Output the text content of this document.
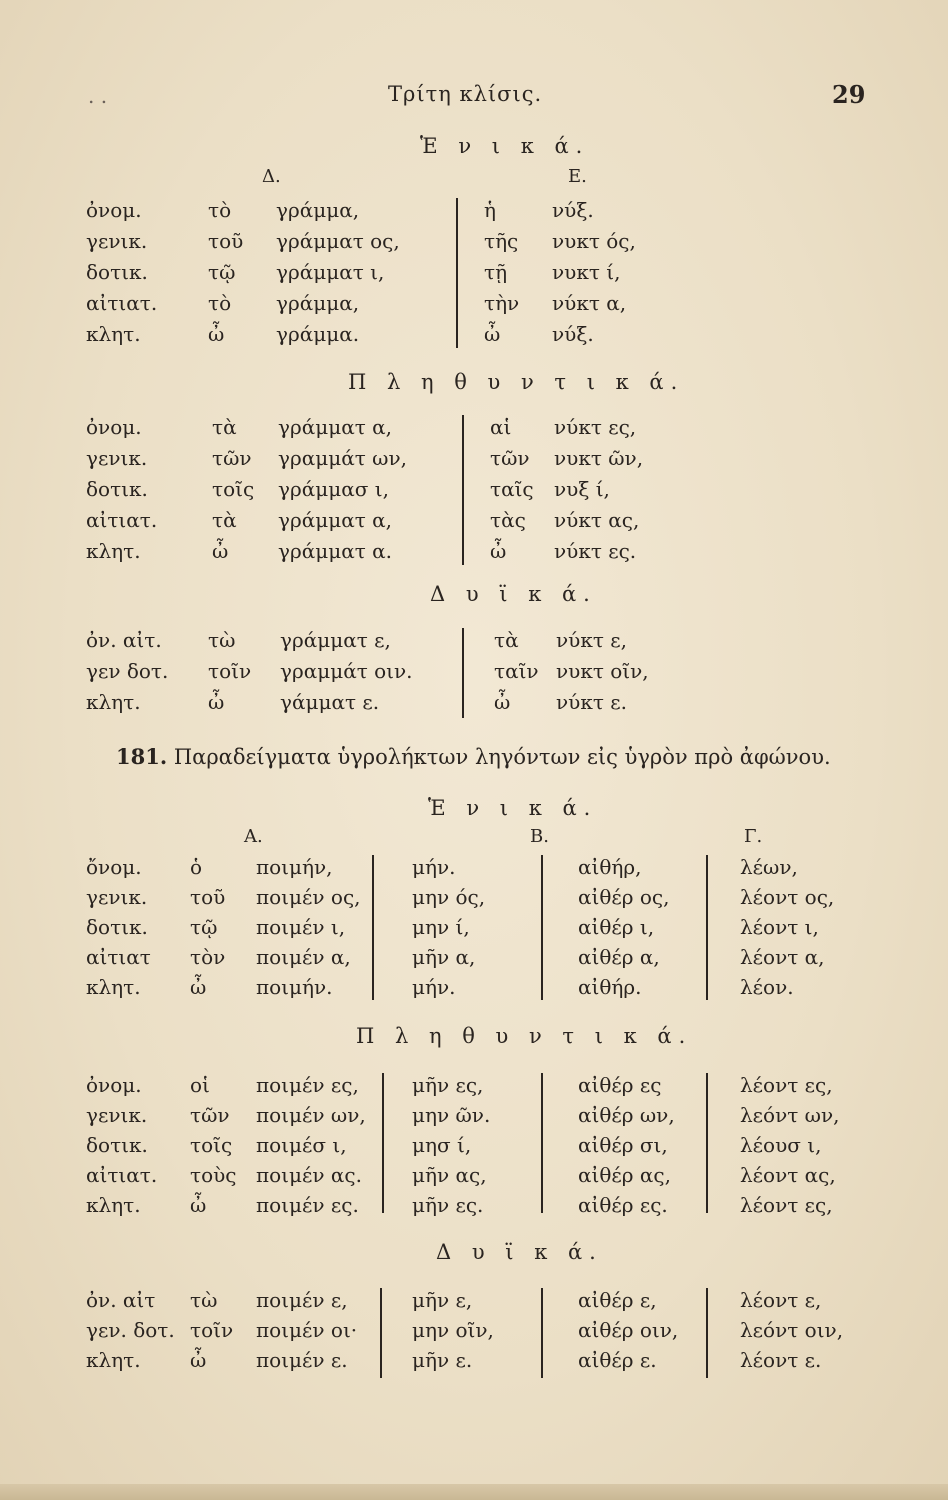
. .	Τρίτη κλίσις.	29
Ἑ ν ι κ ά.
Δ.	Ε.
ὀνομ.	τὸ γράμμα,	ἡ	νύξ.
γενικ.	τοῦ γράμματ ος,	τῆς νυκτ ός,
δοτικ.	τῷ γράμματ ι,	τῇ νυκτ ί,
αἰτιατ.	τὸ γράμμα,	τὴν νύκτ α,
κλητ.	ὦ	γράμμα.	ὦ	νύξ.
Π λ η θ υ ν τ ι κ ά.
ὀνομ.	τὰ γράμματ α,	αἱ νύκτ ες,
γενικ.	τῶν γραμμάτ ων,	τῶν νυκτ ῶν,
δοτικ.	τοῖς γράμμασ ι,	ταῖς νυξ ί,
αἰτιατ.	τὰ γράμματ α,	τὰς νύκτ ας,
κλητ.	ὦ γράμματ α.	ὦ νύκτ ες.
Δ υ ϊ κ ά.
ὀν. αἰτ. τὼ γράμματ ε,	τὰ νύκτ ε,
γεν δοτ. τοῖν γραμμάτ οιν.	ταῖν νυκτ οῖν,
κλητ.	ὦ	γάμματ ε.	ὦ νύκτ ε.
181. Παραδείγματα ὑγρολήκτων ληγόντων εἰς ὑγρὸν πρὸ ἀφώνου.
Ἑ ν ι κ ά.
Α.	Β.	Γ.
ὄνομ. ὁ	ποιμήν,	μήν.	αἰθήρ,	λέων,
γενικ. τοῦ ποιμέν ος,	μην ός,	αἰθέρ ος,	λέοντ ος,
δοτικ. τῷ ποιμέν ι,	μην ί,	αἰθέρ ι,	λέοντ ι,
αἰτιατ τὸν ποιμέν α,	μῆν α,	αἰθέρ α,	λέοντ α,
κλητ. ὦ ποιμήν.	μήν.	αἰθήρ.	λέον.
Π λ η θ υ ν τ ι κ ά.
ὀνομ. οἱ ποιμέν ες,	μῆν ες,	αἰθέρ ες	λέοντ ες,
γενικ. τῶν ποιμέν ων, μην ῶν.	αἰθέρ ων,	λεόντ ων,
δοτικ. τοῖς ποιμέσ ι,	μησ ί,	αἰθέρ σι,	λέουσ ι,
αἰτιατ. τοὺς ποιμέν ας.	μῆν ας,	αἰθέρ ας,	λέοντ ας,
κλητ. ὦ ποιμέν ες.	μῆν ες.	αἰθέρ ες.	λέοντ ες,
Δ υ ϊ κ ά.
ὀν. αἰτ τὼ ποιμέν ε,	μῆν ε,	αἰθέρ ε,	λέοντ ε,
γεν. δοτ. τοῖν ποιμέν οι·	μην οῖν,	αἰθέρ οιν,	λεόντ οιν,
κλητ. ὦ ποιμέν ε.	μῆν ε.	αἰθέρ ε.	λέοντ ε.
